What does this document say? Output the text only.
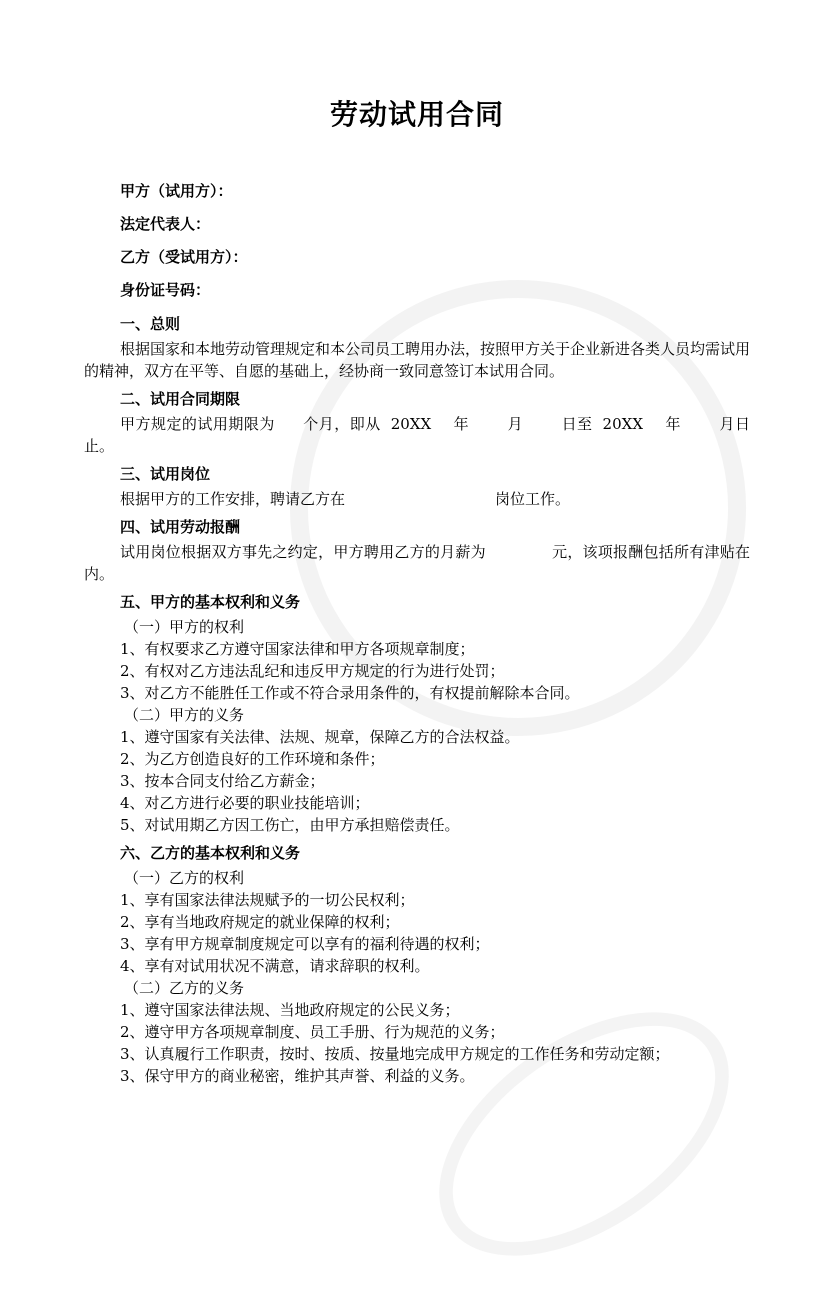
劳动试用合同
甲方（试用方）：
法定代表人：
乙方（受试用方）：
身份证号码：
一、总则
根据国家和本地劳动管理规定和本公司员工聘用办法，按照甲方关于企业新进各类人员均需试用的精神，双方在平等、自愿的基础上，经协商一致同意签订本试用合同。
二、试用合同期限
甲方规定的试用期限为 个月，即从 20XX 年	月	日至 20XX 年	月日止。
三、试用岗位
根据甲方的工作安排，聘请乙方在	岗位工作。
四、试用劳动报酬
试用岗位根据双方事先之约定，甲方聘用乙方的月薪为	元，该项报酬包括所有津贴在内。
五、甲方的基本权利和义务
（一）甲方的权利
1、有权要求乙方遵守国家法律和甲方各项规章制度；
2、有权对乙方违法乱纪和违反甲方规定的行为进行处罚；
3、对乙方不能胜任工作或不符合录用条件的，有权提前解除本合同。
（二）甲方的义务
1、遵守国家有关法律、法规、规章，保障乙方的合法权益。
2、为乙方创造良好的工作环境和条件；
3、按本合同支付给乙方薪金；
4、对乙方进行必要的职业技能培训；
5、对试用期乙方因工伤亡，由甲方承担赔偿责任。
六、乙方的基本权利和义务
（一）乙方的权利
1、享有国家法律法规赋予的一切公民权利；
2、享有当地政府规定的就业保障的权利；
3、享有甲方规章制度规定可以享有的福利待遇的权利；
4、享有对试用状况不满意，请求辞职的权利。
（二）乙方的义务
1、遵守国家法律法规、当地政府规定的公民义务；
2、遵守甲方各项规章制度、员工手册、行为规范的义务；
3、认真履行工作职责，按时、按质、按量地完成甲方规定的工作任务和劳动定额；
3、保守甲方的商业秘密，维护其声誉、利益的义务。
